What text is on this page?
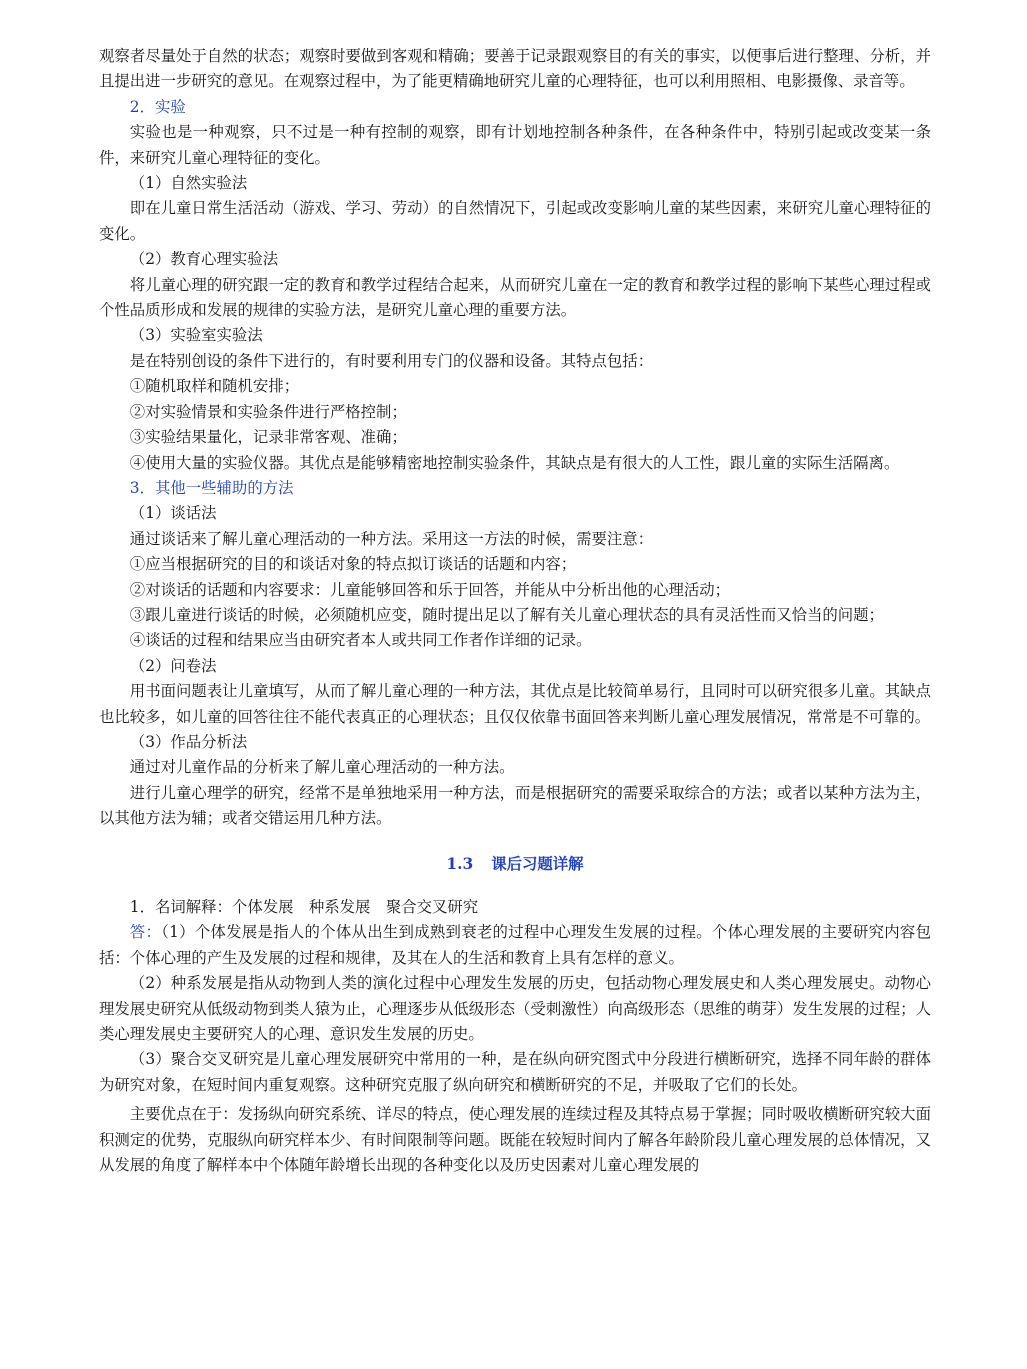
观察者尽量处于自然的状态；观察时要做到客观和精确；要善于记录跟观察目的有关的事实，以便事后进行整理、分析，并且提出进一步研究的意见。在观察过程中，为了能更精确地研究儿童的心理特征，也可以利用照相、电影摄像、录音等。

2．实验

实验也是一种观察，只不过是一种有控制的观察，即有计划地控制各种条件，在各种条件中，特别引起或改变某一条件，来研究儿童心理特征的变化。

（1）自然实验法

即在儿童日常生活活动（游戏、学习、劳动）的自然情况下，引起或改变影响儿童的某些因素，来研究儿童心理特征的变化。

（2）教育心理实验法

将儿童心理的研究跟一定的教育和教学过程结合起来，从而研究儿童在一定的教育和教学过程的影响下某些心理过程或个性品质形成和发展的规律的实验方法，是研究儿童心理的重要方法。

（3）实验室实验法

是在特别创设的条件下进行的，有时要利用专门的仪器和设备。其特点包括：

①随机取样和随机安排；

②对实验情景和实验条件进行严格控制；

③实验结果量化，记录非常客观、准确；

④使用大量的实验仪器。其优点是能够精密地控制实验条件，其缺点是有很大的人工性，跟儿童的实际生活隔离。

3．其他一些辅助的方法

（1）谈话法

通过谈话来了解儿童心理活动的一种方法。采用这一方法的时候，需要注意：

①应当根据研究的目的和谈话对象的特点拟订谈话的话题和内容；

②对谈话的话题和内容要求：儿童能够回答和乐于回答，并能从中分析出他的心理活动；

③跟儿童进行谈话的时候，必须随机应变，随时提出足以了解有关儿童心理状态的具有灵活性而又恰当的问题；

④谈话的过程和结果应当由研究者本人或共同工作者作详细的记录。

（2）问卷法

用书面问题表让儿童填写，从而了解儿童心理的一种方法，其优点是比较简单易行，且同时可以研究很多儿童。其缺点也比较多，如儿童的回答往往不能代表真正的心理状态；且仅仅依靠书面回答来判断儿童心理发展情况，常常是不可靠的。

（3）作品分析法

通过对儿童作品的分析来了解儿童心理活动的一种方法。

进行儿童心理学的研究，经常不是单独地采用一种方法，而是根据研究的需要采取综合的方法；或者以某种方法为主，以其他方法为辅；或者交错运用几种方法。

1.3 课后习题详解

1．名词解释：个体发展　种系发展　聚合交叉研究

答：（1）个体发展是指人的个体从出生到成熟到衰老的过程中心理发生发展的过程。个体心理发展的主要研究内容包括：个体心理的产生及发展的过程和规律，及其在人的生活和教育上具有怎样的意义。

（2）种系发展是指从动物到人类的演化过程中心理发生发展的历史，包括动物心理发展史和人类心理发展史。动物心理发展史研究从低级动物到类人猿为止，心理逐步从低级形态（受刺激性）向高级形态（思维的萌芽）发生发展的过程；人类心理发展史主要研究人的心理、意识发生发展的历史。

（3）聚合交叉研究是儿童心理发展研究中常用的一种，是在纵向研究图式中分段进行横断研究，选择不同年龄的群体为研究对象，在短时间内重复观察。这种研究克服了纵向研究和横断研究的不足，并吸取了它们的长处。

主要优点在于：发扬纵向研究系统、详尽的特点，使心理发展的连续过程及其特点易于掌握；同时吸收横断研究较大面积测定的优势，克服纵向研究样本少、有时间限制等问题。既能在较短时间内了解各年龄阶段儿童心理发展的总体情况，又从发展的角度了解样本中个体随年龄增长出现的各种变化以及历史因素对儿童心理发展的
